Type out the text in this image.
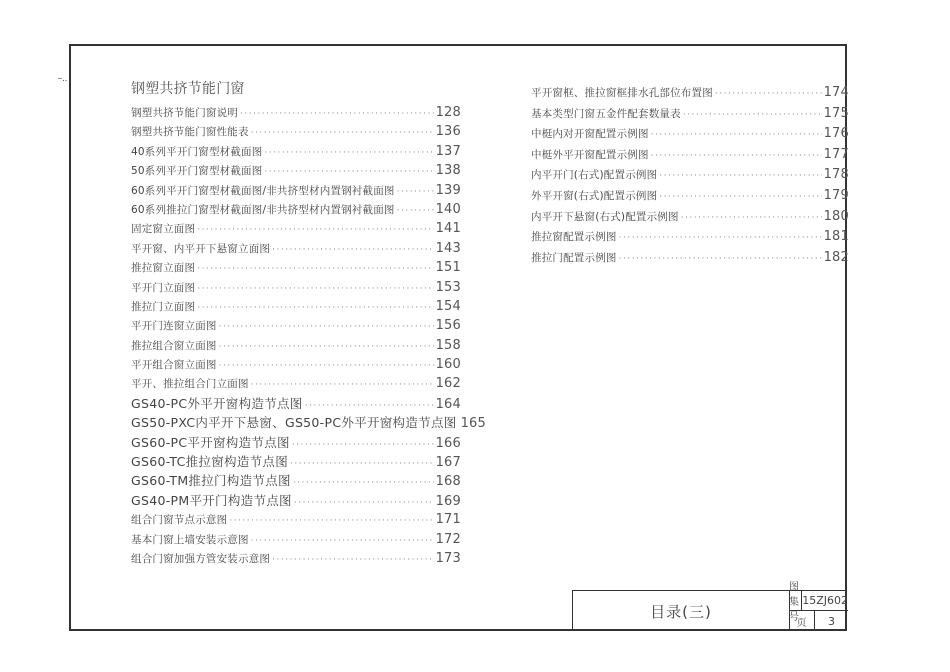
钢塑共挤节能门窗
钢塑共挤节能门窗说明 ·····	128
钢塑共挤节能门窗性能表 ·····	136
40系列平开门窗型材截面图 ·····	137
50系列平开门窗型材截面图 ·····	138
60系列平开门窗型材截面图/非共挤型材内置钢衬截面图 ·····	139
60系列推拉门窗型材截面图/非共挤型材内置钢衬截面图 ·····	140
固定窗立面图 ·····	141
平开窗、内平开下悬窗立面图 ·····	143
推拉窗立面图 ·····	151
平开门立面图 ·····	153
推拉门立面图 ·····	154
平开门连窗立面图 ·····	156
推拉组合窗立面图 ·····	158
平开组合窗立面图 ·····	160
平开、推拉组合门立面图 ·····	162
GS40-PC外平开窗构造节点图 ·····	164
GS50-PXC内平开下悬窗、GS50-PC外平开窗构造节点图 165
GS60-PC平开窗构造节点图 ·····	166
GS60-TC推拉窗构造节点图 ·····	167
GS60-TM推拉门构造节点图 ·····	168
GS40-PM平开门构造节点图 ·····	169
组合门窗节点示意图 ·····	171
基本门窗上墙安装示意图 ·····	172
组合门窗加强方管安装示意图 ·····	173
平开窗框、推拉窗框排水孔部位布置图 ·····	174
基本类型门窗五金件配套数量表 ·····	175
中梃内对开窗配置示例图 ·····	176
中梃外平开窗配置示例图 ·····	177
内平开门(右式)配置示例图 ·····	178
外平开窗(右式)配置示例图 ·····	179
内平开下悬窗(右式)配置示例图 ·····	180
推拉窗配置示例图 ·····	181
推拉门配置示例图 ·····	182
ｰ‥
目录(三)
图集号
15ZJ602
页	3
